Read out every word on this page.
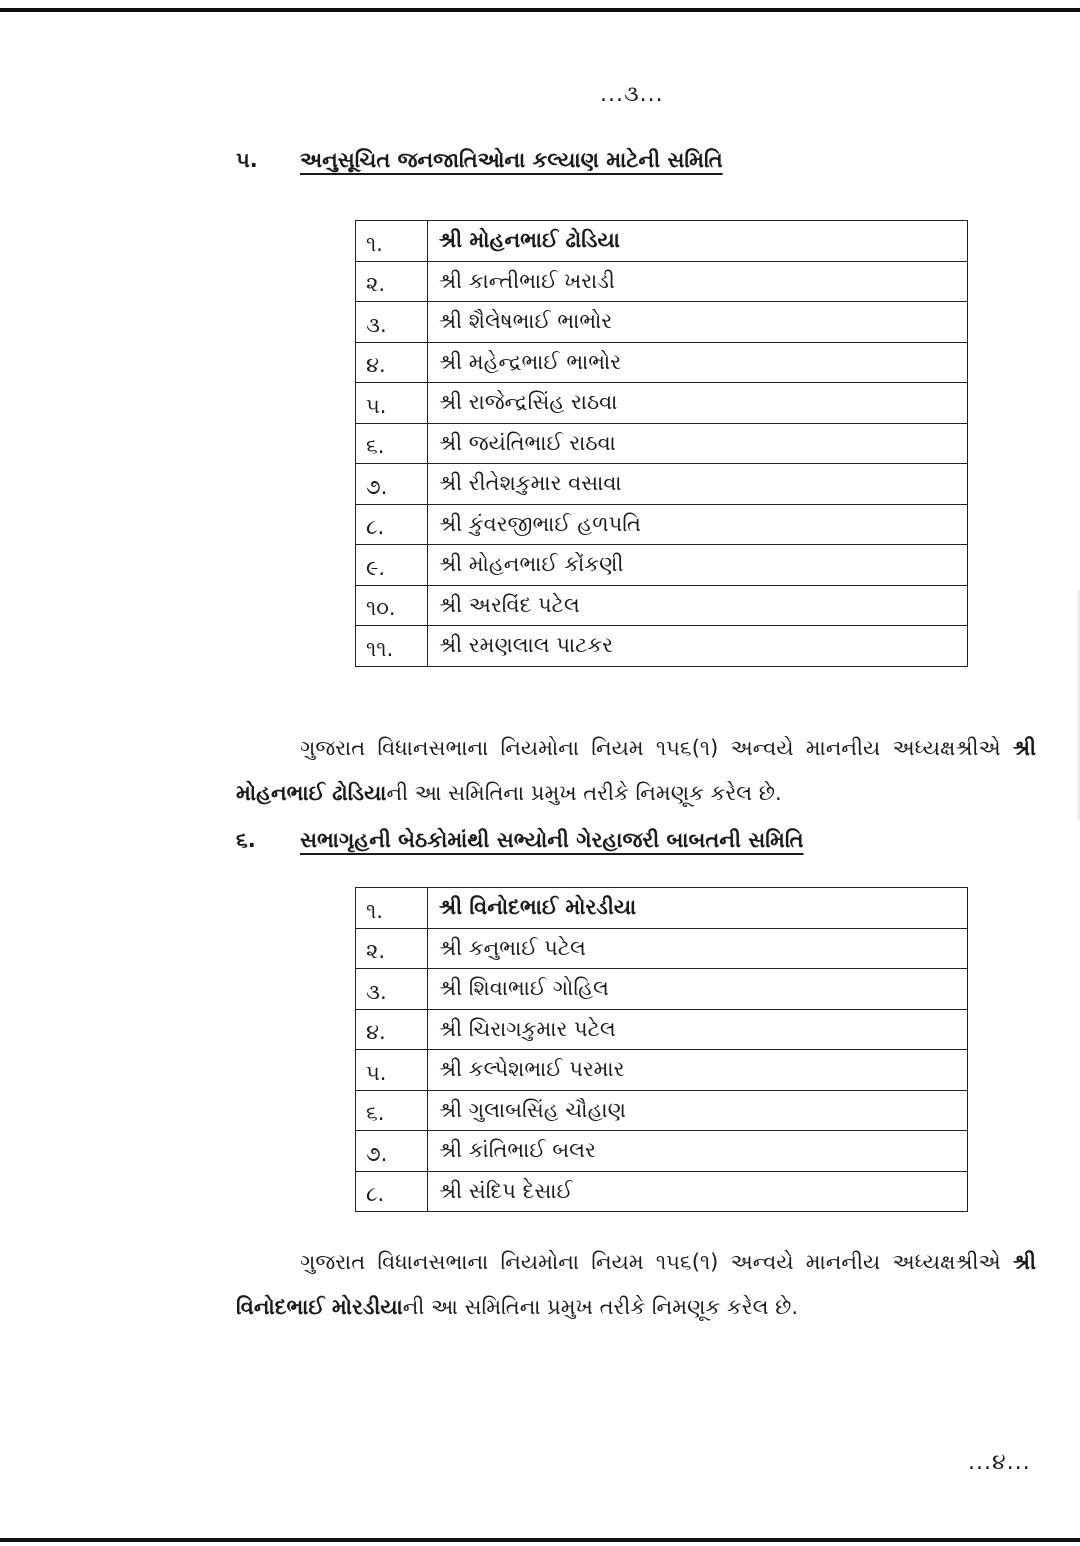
...૩...
૫.	અનુસૂચિત જનજાતિઓના કલ્યાણ માટેની સમિતિ
૧.	શ્રી મોહનભાઈ ઢોડિયા
૨.	શ્રી કાન્તીભાઈ ખરાડી
૩.	શ્રી શૈલેષભાઈ ભાભોર
૪.	શ્રી મહેન્દ્રભાઈ ભાભોર
૫.	શ્રી રાજેન્દ્રસિંહ રાઠવા
૬.	શ્રી જયંતિભાઈ રાઠવા
૭.	શ્રી રીતેશકુમાર વસાવા
૮.	શ્રી કુંવરજીભાઈ હળપતિ
૯.	શ્રી મોહનભાઈ કોંકણી
૧૦.	શ્રી અરવિંદ પટેલ
૧૧.	શ્રી રમણલાલ પાટકર
ગુજરાત વિધાનસભાના નિયમોના નિયમ ૧૫૬(૧) અન્વયે માનનીય અધ્યક્ષશ્રીએ શ્રી મોહનભાઈ ઢોડિયાની આ સમિતિના પ્રમુખ તરીકે નિમણૂક કરેલ છે.
૬.	સભાગૃહની બેઠકોમાંથી સભ્યોની ગેરહાજરી બાબતની સમિતિ
૧.	શ્રી વિનોદભાઈ મોરડીયા
૨.	શ્રી કનુભાઈ પટેલ
૩.	શ્રી શિવાભાઈ ગોહિલ
૪.	શ્રી ચિરાગકુમાર પટેલ
૫.	શ્રી કલ્પેશભાઈ પરમાર
૬.	શ્રી ગુલાબસિંહ ચૌહાણ
૭.	શ્રી કાંતિભાઈ બલર
૮.	શ્રી સંદિપ દેસાઈ
ગુજરાત વિધાનસભાના નિયમોના નિયમ ૧૫૬(૧) અન્વયે માનનીય અધ્યક્ષશ્રીએ શ્રી વિનોદભાઈ મોરડીયાની આ સમિતિના પ્રમુખ તરીકે નિમણૂક કરેલ છે.
...૪...
